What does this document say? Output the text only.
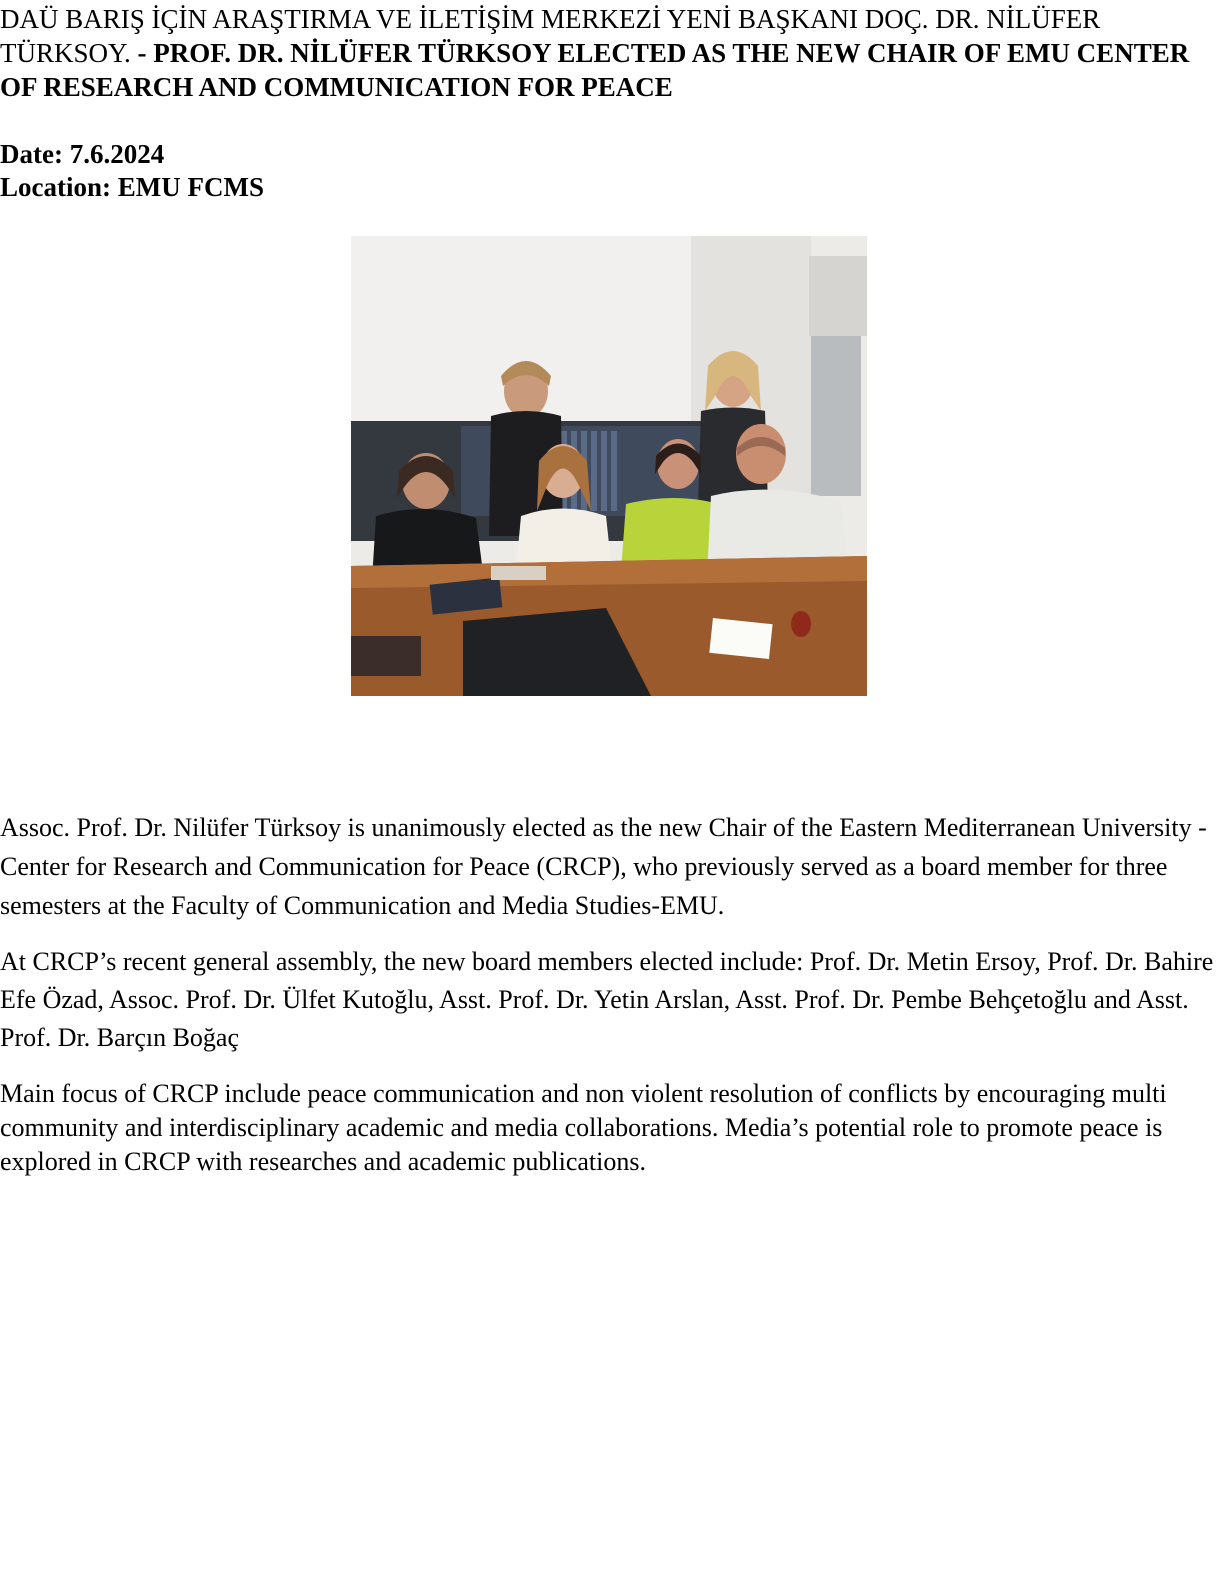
DAÜ BARIŞ İÇİN ARAŞTIRMA VE İLETİŞİM MERKEZİ YENİ BAŞKANI DOÇ. DR. NİLÜFER TÜRKSOY. - PROF. DR. NİLÜFER TÜRKSOY ELECTED AS THE NEW CHAIR OF EMU CENTER OF RESEARCH AND COMMUNICATION FOR PEACE
Date: 7.6.2024
Location: EMU FCMS

Assoc. Prof. Dr. Nilüfer Türksoy is unanimously elected as the new Chair of the Eastern Mediterranean University - Center for Research and Communication for Peace (CRCP), who previously served as a board member for three semesters at the Faculty of Communication and Media Studies-EMU.

At CRCP’s recent general assembly, the new board members elected include: Prof. Dr. Metin Ersoy, Prof. Dr. Bahire Efe Özad, Assoc. Prof. Dr. Ülfet Kutoğlu, Asst. Prof. Dr. Yetin Arslan, Asst. Prof. Dr. Pembe Behçetoğlu and Asst. Prof. Dr. Barçın Boğaç

Main focus of CRCP include peace communication and non violent resolution of conflicts by encouraging multi community and interdisciplinary academic and media collaborations. Media’s potential role to promote peace is explored in CRCP with researches and academic publications.
